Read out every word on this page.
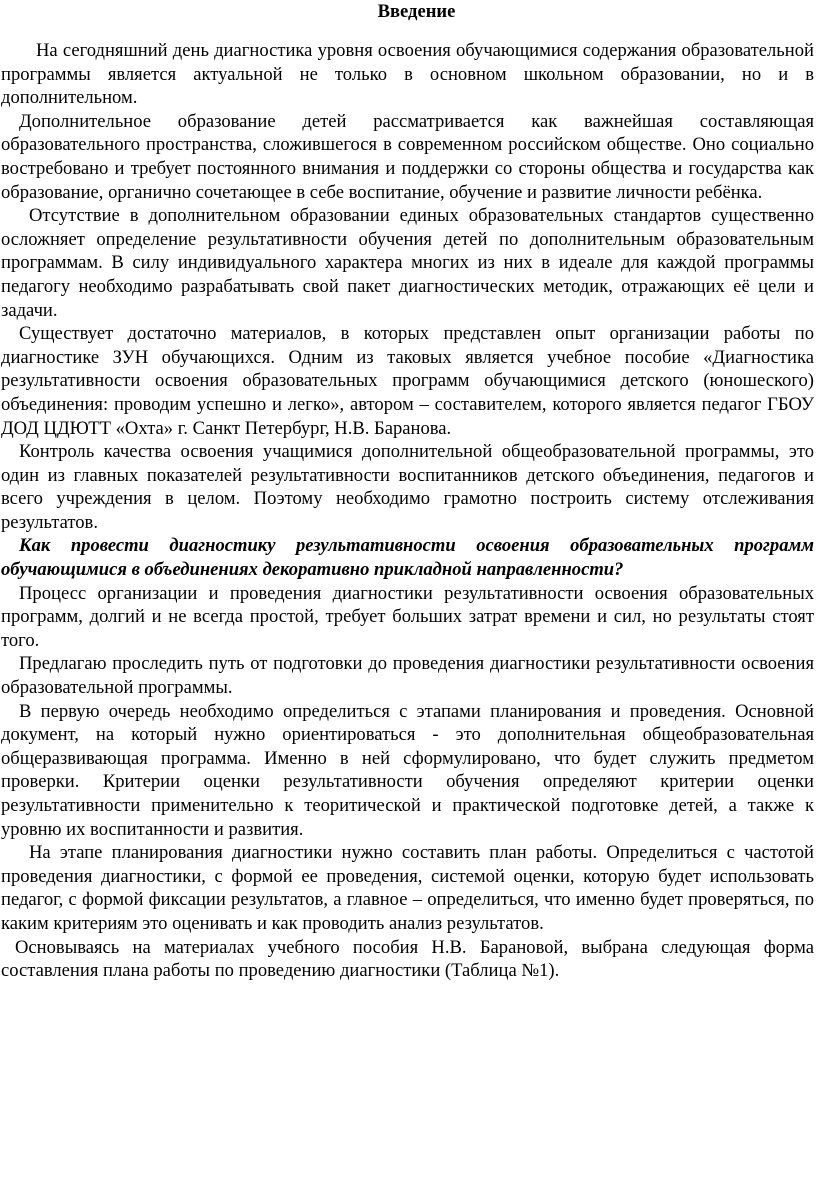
Введение

На сегодняшний день диагностика уровня освоения обучающимися содержания образовательной программы является актуальной не только в основном школьном образовании, но и в дополнительном.

Дополнительное образование детей рассматривается как важнейшая составляющая образовательного пространства, сложившегося в современном российском обществе. Оно социально востребовано и требует постоянного внимания и поддержки со стороны общества и государства как образование, органично сочетающее в себе воспитание, обучение и развитие личности ребёнка.

Отсутствие в дополнительном образовании единых образовательных стандартов существенно осложняет определение результативности обучения детей по дополнительным образовательным программам. В силу индивидуального характера многих из них в идеале для каждой программы педагогу необходимо разрабатывать свой пакет диагностических методик, отражающих её цели и задачи.

Существует достаточно материалов, в которых представлен опыт организации работы по диагностике ЗУН обучающихся. Одним из таковых является учебное пособие «Диагностика результативности освоения образовательных программ обучающимися детского (юношеского) объединения: проводим успешно и легко», автором – составителем, которого является педагог ГБОУ ДОД ЦДЮТТ «Охта» г. Санкт Петербург, Н.В. Баранова.

Контроль качества освоения учащимися дополнительной общеобразовательной программы, это один из главных показателей результативности воспитанников детского объединения, педагогов и всего учреждения в целом. Поэтому необходимо грамотно построить систему отслеживания результатов.

Как провести диагностику результативности освоения образовательных программ обучающимися в объединениях декоративно прикладной направленности?

Процесс организации и проведения диагностики результативности освоения образовательных программ, долгий и не всегда простой, требует больших затрат времени и сил, но результаты стоят того.

Предлагаю проследить путь от подготовки до проведения диагностики результативности освоения образовательной программы.

В первую очередь необходимо определиться с этапами планирования и проведения. Основной документ, на который нужно ориентироваться - это дополнительная общеобразовательная общеразвивающая программа. Именно в ней сформулировано, что будет служить предметом проверки. Критерии оценки результативности обучения определяют критерии оценки результативности применительно к теоритической и практической подготовке детей, а также к уровню их воспитанности и развития.

На этапе планирования диагностики нужно составить план работы. Определиться с частотой проведения диагностики, с формой ее проведения, системой оценки, которую будет использовать педагог, с формой фиксации результатов, а главное – определиться, что именно будет проверяться, по каким критериям это оценивать и как проводить анализ результатов.

Основываясь на материалах учебного пособия Н.В. Барановой, выбрана следующая форма составления плана работы по проведению диагностики (Таблица №1).
